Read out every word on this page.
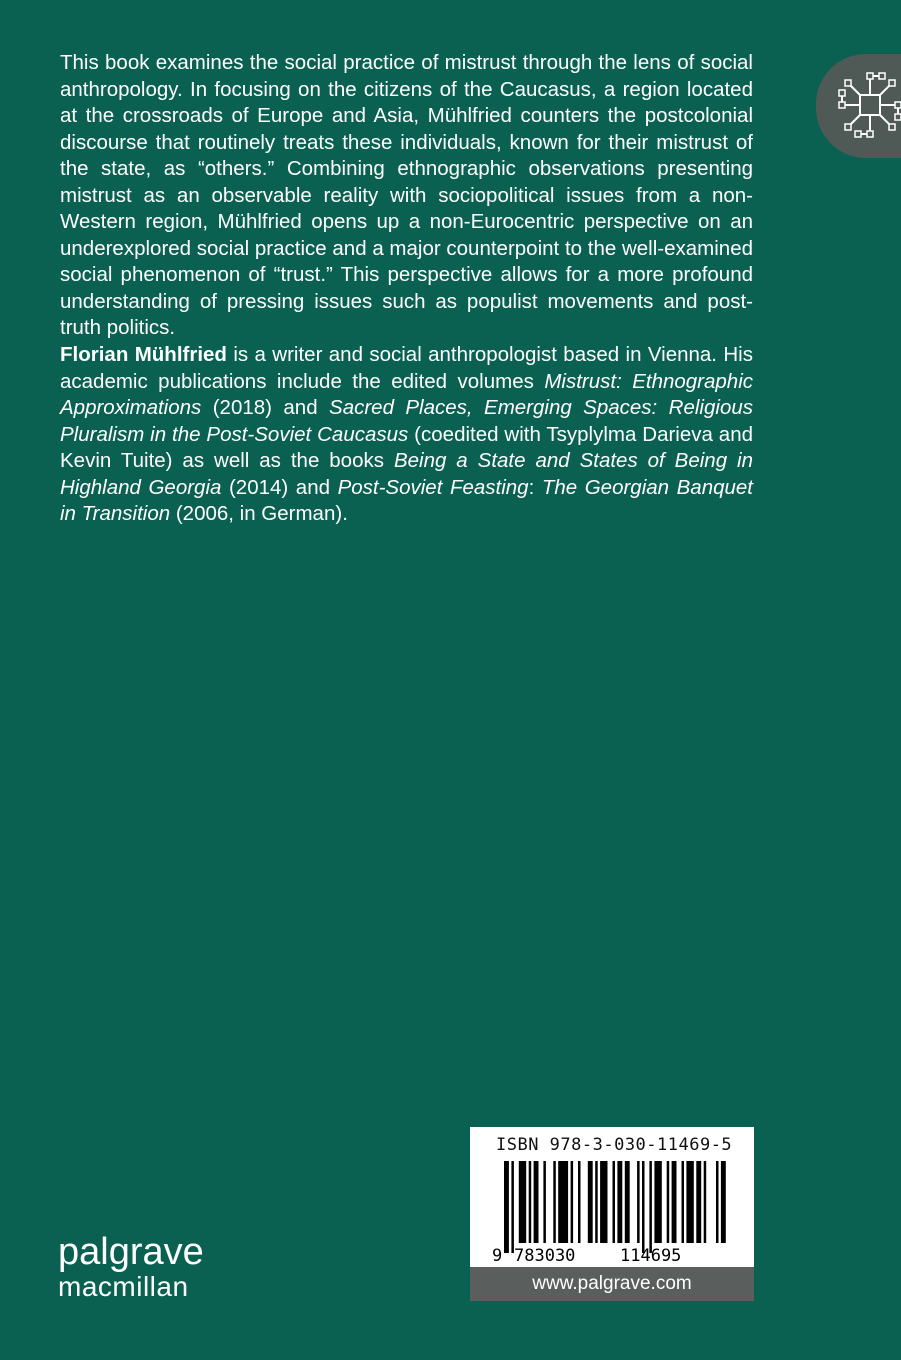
This book examines the social practice of mistrust through the lens of social anthropology. In focusing on the citizens of the Caucasus, a region located at the crossroads of Europe and Asia, Mühlfried counters the postcolonial discourse that routinely treats these individuals, known for their mistrust of the state, as “others.” Combining ethnographic observations presenting mistrust as an observable reality with sociopolitical issues from a non-Western region, Mühlfried opens up a non-Eurocentric perspective on an underexplored social practice and a major counterpoint to the well-examined social phenomenon of “trust.” This perspective allows for a more profound understanding of pressing issues such as populist movements and post-truth politics.

Florian Mühlfried is a writer and social anthropologist based in Vienna. His academic publications include the edited volumes Mistrust: Ethnographic Approximations (2018) and Sacred Places, Emerging Spaces: Religious Pluralism in the Post-Soviet Caucasus (coedited with Tsyplylma Darieva and Kevin Tuite) as well as the books Being a State and States of Being in Highland Georgia (2014) and Post-Soviet Feasting: The Georgian Banquet in Transition (2006, in German).

ISBN 978-3-030-11469-5
9 783030	114695
www.palgrave.com
palgrave
macmillan
